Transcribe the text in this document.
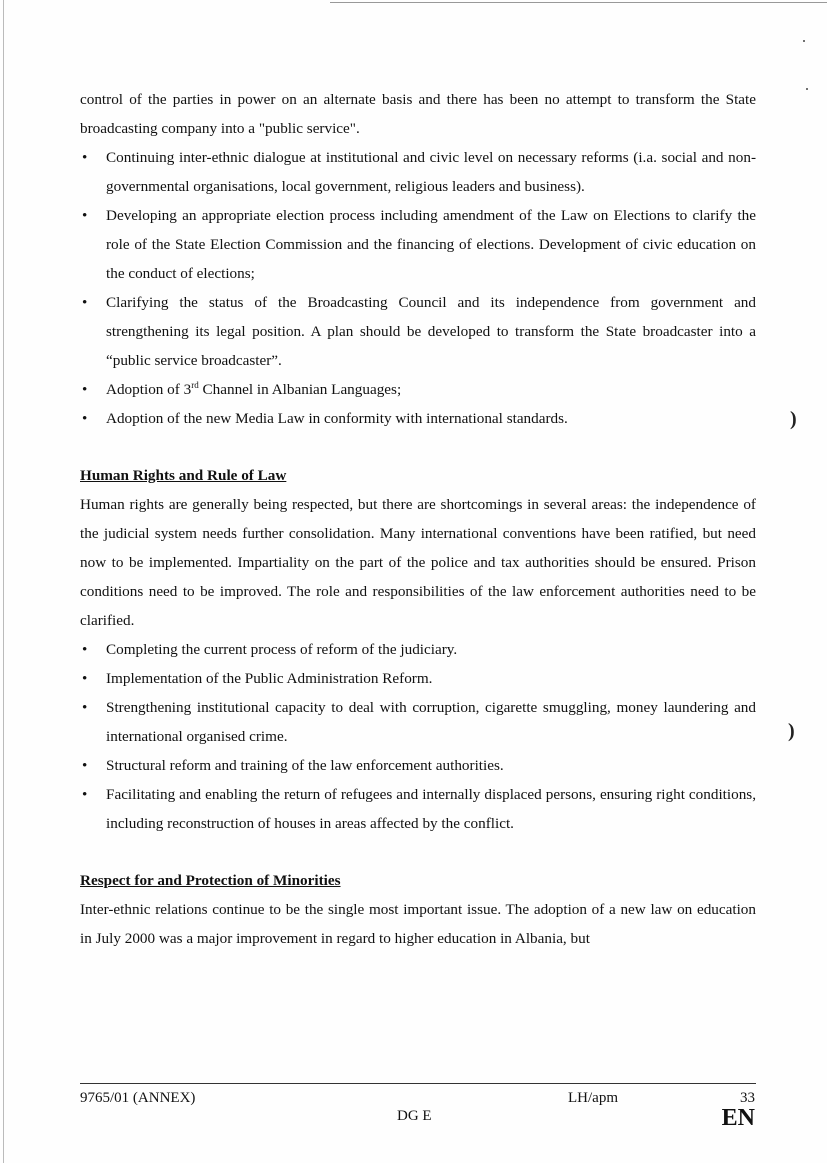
)
)

control of the parties in power on an alternate basis and there has been no attempt to transform the State broadcasting company into a "public service".

• Continuing inter-ethnic dialogue at institutional and civic level on necessary reforms (i.a. social and non-governmental organisations, local government, religious leaders and business).
• Developing an appropriate election process including amendment of the Law on Elections to clarify the role of the State Election Commission and the financing of elections. Development of civic education on the conduct of elections;
• Clarifying the status of the Broadcasting Council and its independence from government and strengthening its legal position. A plan should be developed to transform the State broadcaster into a “public service broadcaster”.
• Adoption of 3rd Channel in Albanian Languages;
• Adoption of the new Media Law in conformity with international standards.
Human Rights and Rule of Law

Human rights are generally being respected, but there are shortcomings in several areas: the independence of the judicial system needs further consolidation. Many international conventions have been ratified, but need now to be implemented. Impartiality on the part of the police and tax authorities should be ensured. Prison conditions need to be improved. The role and responsibilities of the law enforcement authorities need to be clarified.

• Completing the current process of reform of the judiciary.
• Implementation of the Public Administration Reform.
• Strengthening institutional capacity to deal with corruption, cigarette smuggling, money laundering and international organised crime.
• Structural reform and training of the law enforcement authorities.
• Facilitating and enabling the return of refugees and internally displaced persons, ensuring right conditions, including reconstruction of houses in areas affected by the conflict.
Respect for and Protection of Minorities

Inter-ethnic relations continue to be the single most important issue. The adoption of a new law on education in July 2000 was a major improvement in regard to higher education in Albania, but

9765/01 (ANNEX)	LH/apm	33
DG E	EN
